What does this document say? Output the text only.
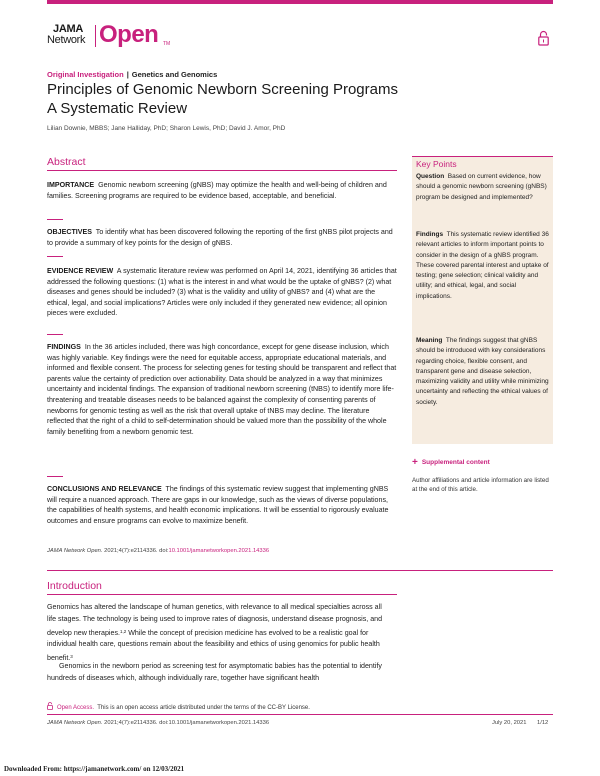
JAMA
Network Open TM
Original Investigation | Genetics and Genomics
Principles of Genomic Newborn Screening Programs
A Systematic Review
Lilian Downie, MBBS; Jane Halliday, PhD; Sharon Lewis, PhD; David J. Amor, PhD
Abstract
IMPORTANCE Genomic newborn screening (gNBS) may optimize the health and well-being of children and families. Screening programs are required to be evidence based, acceptable, and beneficial.
OBJECTIVES To identify what has been discovered following the reporting of the first gNBS pilot projects and to provide a summary of key points for the design of gNBS.
EVIDENCE REVIEW A systematic literature review was performed on April 14, 2021, identifying 36 articles that addressed the following questions: (1) what is the interest in and what would be the uptake of gNBS? (2) what diseases and genes should be included? (3) what is the validity and utility of gNBS? and (4) what are the ethical, legal, and social implications? Articles were only included if they generated new evidence; all opinion pieces were excluded.
FINDINGS In the 36 articles included, there was high concordance, except for gene disease inclusion, which was highly variable. Key findings were the need for equitable access, appropriate educational materials, and informed and flexible consent. The process for selecting genes for testing should be transparent and reflect that parents value the certainty of prediction over actionability. Data should be analyzed in a way that minimizes uncertainty and incidental findings. The expansion of traditional newborn screening (tNBS) to identify more life-threatening and treatable diseases needs to be balanced against the complexity of consenting parents of newborns for genomic testing as well as the risk that overall uptake of tNBS may decline. The literature reflected that the right of a child to self-determination should be valued more than the possibility of the whole family benefiting from a newborn genomic test.
CONCLUSIONS AND RELEVANCE The findings of this systematic review suggest that implementing gNBS will require a nuanced approach. There are gaps in our knowledge, such as the views of diverse populations, the capabilities of health systems, and health economic implications. It will be essential to rigorously evaluate outcomes and ensure programs can evolve to maximize benefit.
Key Points
Question Based on current evidence, how should a genomic newborn screening (gNBS) program be designed and implemented?
Findings This systematic review identified 36 relevant articles to inform important points to consider in the design of a gNBS program. These covered parental interest and uptake of testing; gene selection; clinical validity and utility; and ethical, legal, and social implications.
Meaning The findings suggest that gNBS should be introduced with key considerations regarding choice, flexible consent, and transparent gene and disease selection, maximizing validity and utility while minimizing uncertainty and reflecting the ethical values of society.
+ Supplemental content
Author affiliations and article information are listed at the end of this article.
JAMA Network Open. 2021;4(7):e2114336. doi:10.1001/jamanetworkopen.2021.14336
Introduction
Genomics has altered the landscape of human genetics, with relevance to all medical specialties across all life stages. The technology is being used to improve rates of diagnosis, understand disease prognosis, and develop new therapies.$^{1,2}$ While the concept of precision medicine has evolved to be a realistic goal for individual health care, questions remain about the feasibility and ethics of using genomics for public health benefit.$^3$
Genomics in the newborn period as screening test for asymptomatic babies has the potential to identify hundreds of diseases which, although individually rare, together have significant health
Open Access. This is an open access article distributed under the terms of the CC-BY License.
JAMA Network Open. 2021;4(7):e2114336. doi:10.1001/jamanetworkopen.2021.14336	July 20, 2021 1/12
Downloaded From: https://jamanetwork.com/ on 12/03/2021
